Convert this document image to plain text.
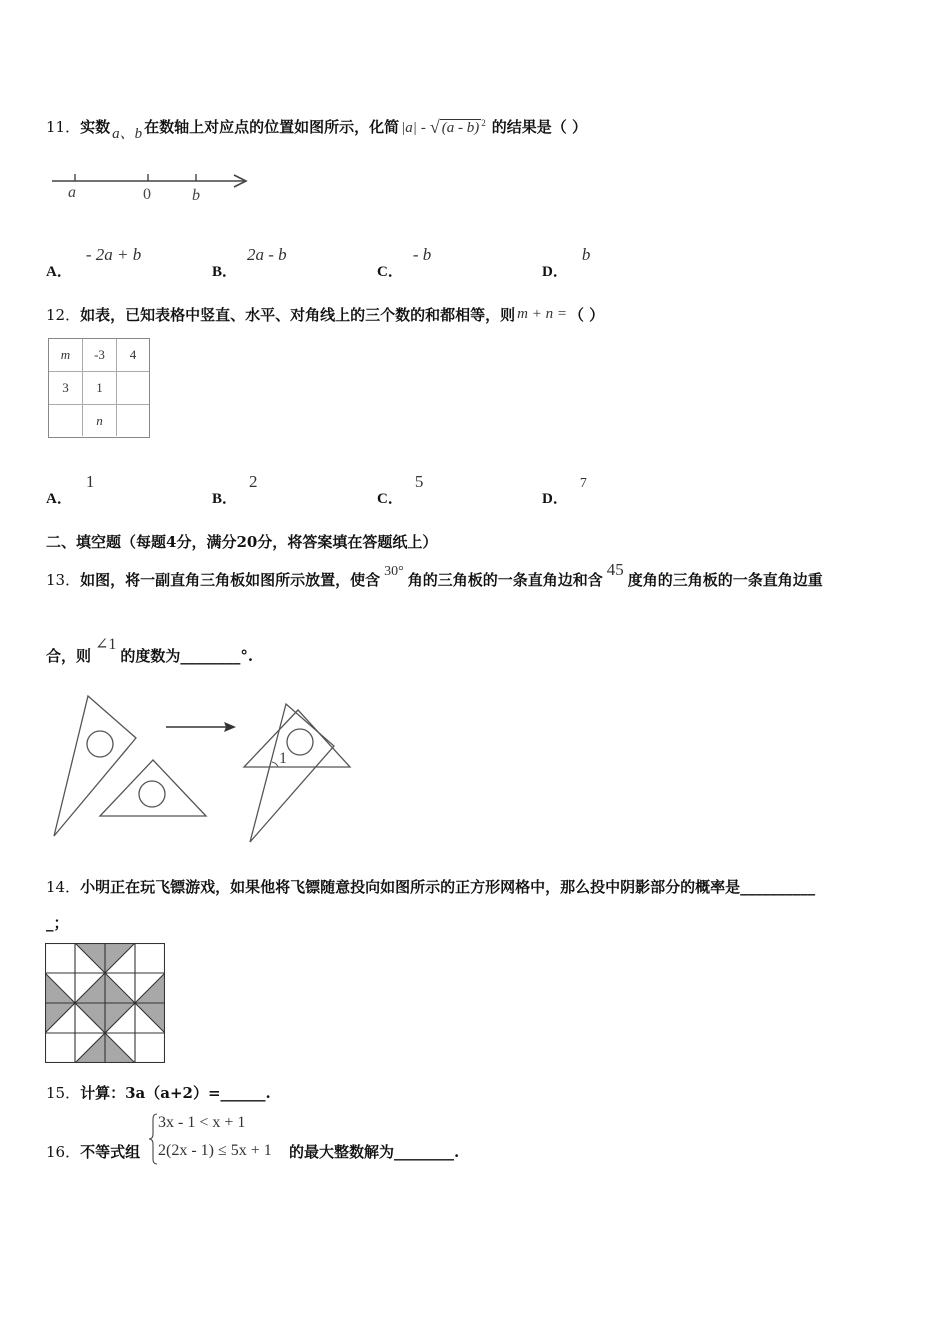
11．实数 a、b 在数轴上对应点的位置如图所示，化简 |a| - √ (a - b) $^2$ 的结果是（ ）
a	0	b
A．- 2a + b
B．2a - b
C．- b
D．b
12．如表，已知表格中竖直、水平、对角线上的三个数的和都相等，则 m + n = （ ）
m -3 4
3 1
n
A．1
B．2
C．5
D．7
二、填空题（每题4分，满分20分，将答案填在答题纸上）
13．如图，将一副直角三角板如图所示放置，使含 30° 角的三角板的一条直角边和含45度角的三角板的一条直角边重
合，则∠1的度数为________°.
1
14．小明正在玩飞镖游戏，如果他将飞镖随意投向如图所示的正方形网格中，那么投中阴影部分的概率是__________
_；
15．计算：3a（a+2）=______.
16．不等式组
3x - 1 < x + 1
2(2x - 1) ≤ 5x + 1 的最大整数解为________.
